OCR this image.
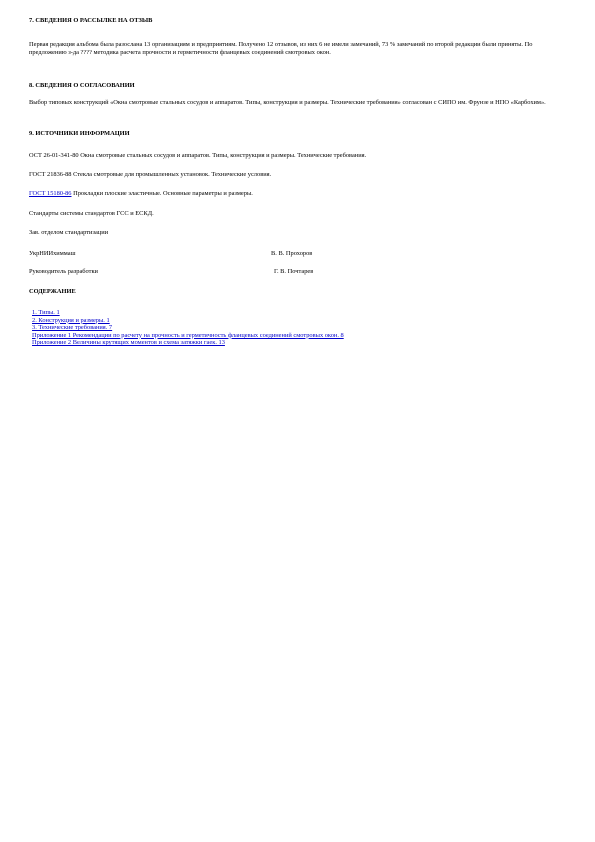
7. СВЕДЕНИЯ О РАССЫЛКЕ НА ОТЗЫВ
Первая редакция альбома была разослана 13 организациям и предприятиям. Получено 12 отзывов, из них 6 не имели замечаний, 73 % замечаний по второй редакции были приняты. По предложению з-да ???? методика расчета прочности и герметичности фланцевых соединений смотровых окон.
8. СВЕДЕНИЯ О СОГЛАСОВАНИИ
Выбор типовых конструкций «Окна смотровые стальных сосудов и аппаратов. Типы, конструкция и размеры. Технические требования» согласован с СИПО им. Фрунзе и НПО «Карбохим».
9. ИСТОЧНИКИ ИНФОРМАЦИИ
ОСТ 26-01-341-80 Окна смотровые стальных сосудов и аппаратов. Типы, конструкция и размеры. Технические требования.
ГОСТ 21836-88 Стекла смотровые для промышленных установок. Технические условия.
ГОСТ 15180-86 Прокладки плоские эластичные. Основные параметры и размеры.
Стандарты системы стандартов ГСС и ЕСКД.
Зав. отделом стандартизации
УкрНИИхиммаш	В. В. Прохоров
Руководитель разработки	Г. В. Почтарев
СОДЕРЖАНИЕ
1. Типы. 1
2. Конструкция и размеры. 1
3. Технические требования. 7
Приложение 1 Рекомендации по расчету на прочность и герметичность фланцевых соединений смотровых окон. 8
Приложение 2 Величины крутящих моментов и схема затяжки гаек. 13
